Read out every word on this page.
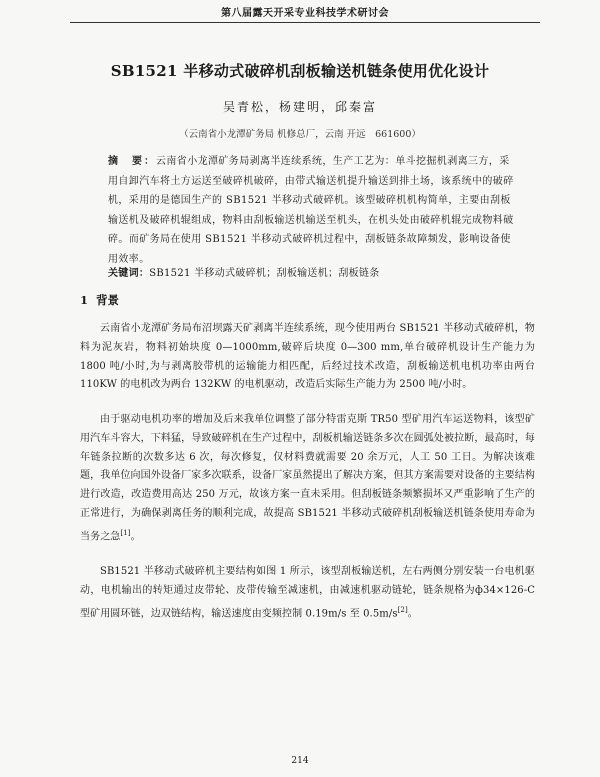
第八届露天开采专业科技学术研讨会
SB1521 半移动式破碎机刮板输送机链条使用优化设计
吴青松，杨建明，邱秦富
（云南省小龙潭矿务局 机修总厂，云南 开远　661600）
摘　要：云南省小龙潭矿务局剥离半连续系统，生产工艺为：单斗挖掘机剥离三方，采用自卸汽车将土方运送至破碎机破碎，由带式输送机提升输送到排土场，该系统中的破碎机，采用的是德国生产的 SB1521 半移动式破碎机。该型破碎机机构简单，主要由刮板输送机及破碎机辊组成，物料由刮板输送机输送至机头，在机头处由破碎机辊完成物料破碎。而矿务局在使用 SB1521 半移动式破碎机过程中，刮板链条故障频发，影响设备使用效率。
关键词：SB1521 半移动式破碎机；刮板输送机；刮板链条
1 背景
云南省小龙潭矿务局布沼坝露天矿剥离半连续系统，现今使用两台 SB1521 半移动式破碎机，物料为泥灰岩，物料初始块度 0—1000mm,破碎后块度 0—300 mm,单台破碎机设计生产能力为 1800 吨/小时,为与剥离胶带机的运输能力相匹配，后经过技术改造，刮板输送机电机功率由两台 110KW 的电机改为两台 132KW 的电机驱动，改造后实际生产能力为 2500 吨/小时。
由于驱动电机功率的增加及后来我单位调整了部分特雷克斯 TR50 型矿用汽车运送物料，该型矿用汽车斗容大，下料猛，导致破碎机在生产过程中，刮板机输送链条多次在圆弧处被拉断，最高时，每年链条拉断的次数多达 6 次，每次修复，仅材料费就需要 20 余万元，人工 50 工日。为解决该难题，我单位向国外设备厂家多次联系，设备厂家虽然提出了解决方案，但其方案需要对设备的主要结构进行改造，改造费用高达 250 万元，故该方案一直未采用。但刮板链条频繁损坏又严重影响了生产的正常进行，为确保剥离任务的顺利完成，故提高 SB1521 半移动式破碎机刮板输送机链条使用寿命为当务之急[1]。
SB1521 半移动式破碎机主要结构如图 1 所示，该型刮板输送机，左右两侧分别安装一台电机驱动，电机输出的转矩通过皮带轮、皮带传输至减速机，由减速机驱动链轮，链条规格为ф34×126-C 型矿用圆环链，边双链结构，输送速度由变频控制 0.19m/s 至 0.5m/s[2]。
214
